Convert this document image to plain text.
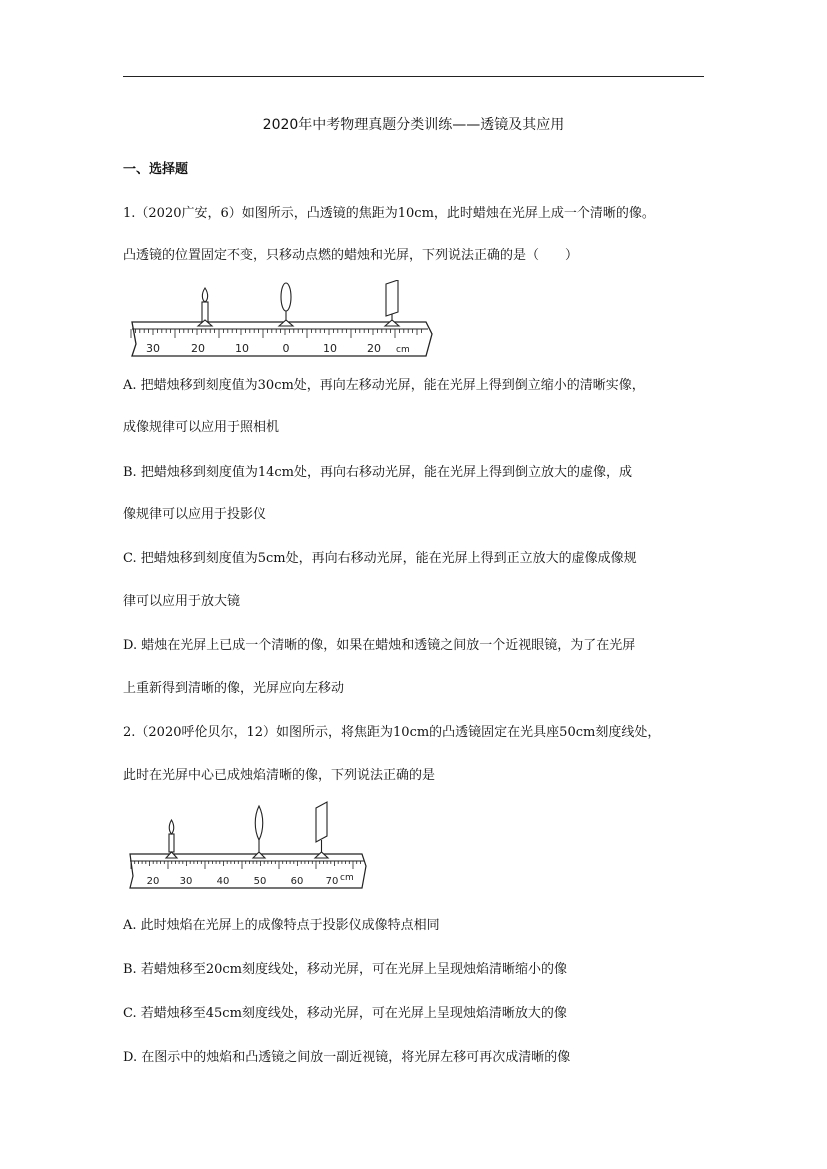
2020年中考物理真题分类训练——透镜及其应用
一、选择题
1.（2020广安，6）如图所示，凸透镜的焦距为10cm，此时蜡烛在光屏上成一个清晰的像。
凸透镜的位置固定不变，只移动点燃的蜡烛和光屏，下列说法正确的是（　　）
30	20	10	0	10	20 cm
A. 把蜡烛移到刻度值为30cm处，再向左移动光屏，能在光屏上得到倒立缩小的清晰实像，
成像规律可以应用于照相机
B. 把蜡烛移到刻度值为14cm处，再向右移动光屏，能在光屏上得到倒立放大的虚像，成
像规律可以应用于投影仪
C. 把蜡烛移到刻度值为5cm处，再向右移动光屏，能在光屏上得到正立放大的虚像成像规
律可以应用于放大镜
D. 蜡烛在光屏上已成一个清晰的像，如果在蜡烛和透镜之间放一个近视眼镜，为了在光屏
上重新得到清晰的像，光屏应向左移动
2.（2020呼伦贝尔，12）如图所示，将焦距为10cm的凸透镜固定在光具座50cm刻度线处，
此时在光屏中心已成烛焰清晰的像，下列说法正确的是
20 30 40 50 60 70 cm
A. 此时烛焰在光屏上的成像特点于投影仪成像特点相同
B. 若蜡烛移至20cm刻度线处，移动光屏，可在光屏上呈现烛焰清晰缩小的像
C. 若蜡烛移至45cm刻度线处，移动光屏，可在光屏上呈现烛焰清晰放大的像
D. 在图示中的烛焰和凸透镜之间放一副近视镜，将光屏左移可再次成清晰的像
